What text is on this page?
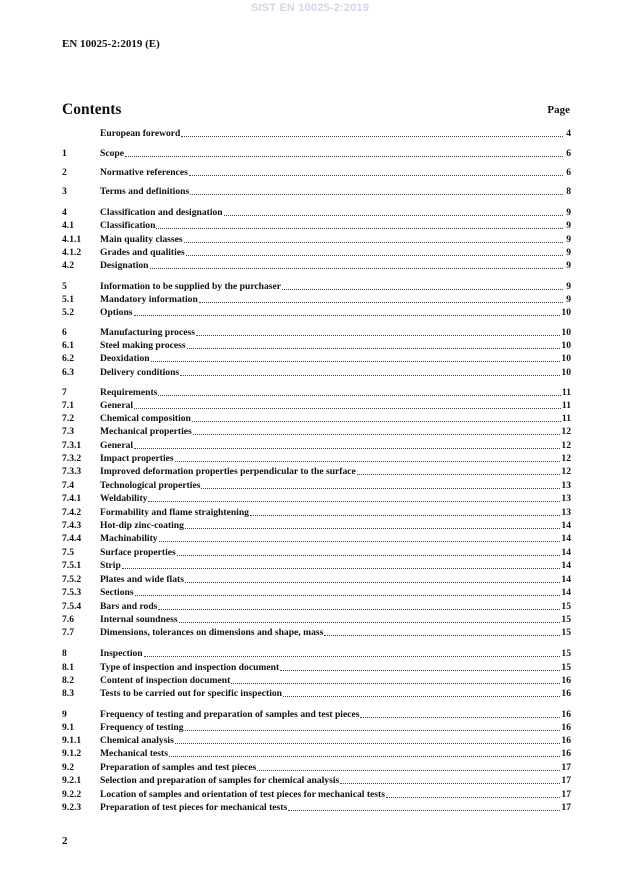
SIST EN 10025-2:2019
EN 10025-2:2019 (E)
Contents	Page
European foreword	4
1	Scope	6
2	Normative references	6
3	Terms and definitions	8
4	Classification and designation	9
4.1	Classification	9
4.1.1	Main quality classes	9
4.1.2	Grades and qualities	9
4.2	Designation	9
5	Information to be supplied by the purchaser	9
5.1	Mandatory information	9
5.2	Options	10
6	Manufacturing process	10
6.1	Steel making process	10
6.2	Deoxidation	10
6.3	Delivery conditions	10
7	Requirements	11
7.1	General	11
7.2	Chemical composition	11
7.3	Mechanical properties	12
7.3.1	General	12
7.3.2	Impact properties	12
7.3.3	Improved deformation properties perpendicular to the surface	12
7.4	Technological properties	13
7.4.1	Weldability	13
7.4.2	Formability and flame straightening	13
7.4.3	Hot-dip zinc-coating	14
7.4.4	Machinability	14
7.5	Surface properties	14
7.5.1	Strip	14
7.5.2	Plates and wide flats	14
7.5.3	Sections	14
7.5.4	Bars and rods	15
7.6	Internal soundness	15
7.7	Dimensions, tolerances on dimensions and shape, mass	15
8	Inspection	15
8.1	Type of inspection and inspection document	15
8.2	Content of inspection document	16
8.3	Tests to be carried out for specific inspection	16
9	Frequency of testing and preparation of samples and test pieces	16
9.1	Frequency of testing	16
9.1.1	Chemical analysis	16
9.1.2	Mechanical tests	16
9.2	Preparation of samples and test pieces	17
9.2.1	Selection and preparation of samples for chemical analysis	17
9.2.2	Location of samples and orientation of test pieces for mechanical tests	17
9.2.3	Preparation of test pieces for mechanical tests	17
2
